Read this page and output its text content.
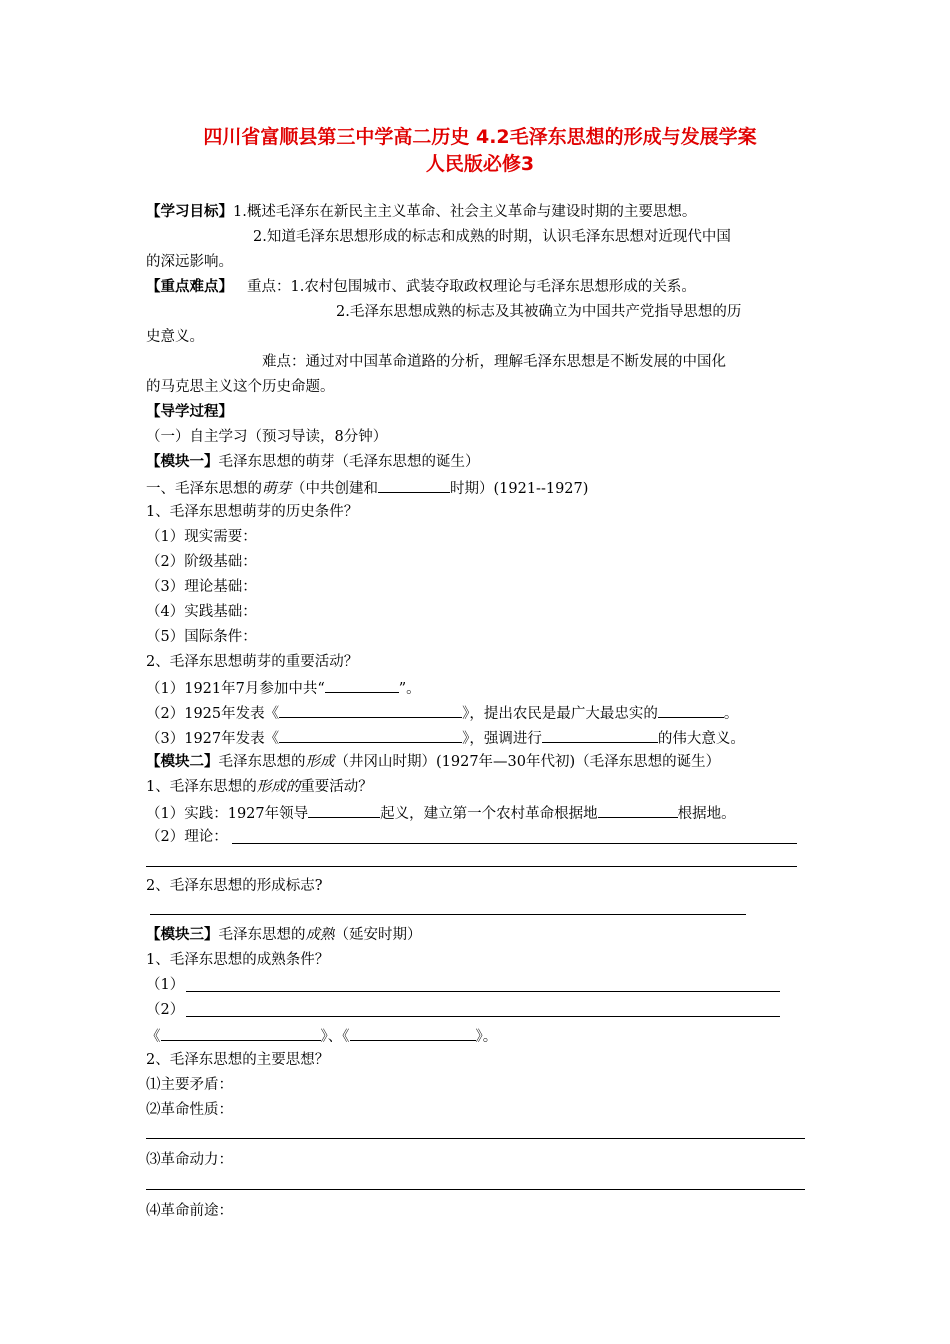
四川省富顺县第三中学高二历史 4.2毛泽东思想的形成与发展学案
人民版必修3
【学习目标】1.概述毛泽东在新民主主义革命、社会主义革命与建设时期的主要思想。
2.知道毛泽东思想形成的标志和成熟的时期，认识毛泽东思想对近现代中国
的深远影响。
【重点难点】 重点：1.农村包围城市、武装夺取政权理论与毛泽东思想形成的关系。
2.毛泽东思想成熟的标志及其被确立为中国共产党指导思想的历
史意义。
难点：通过对中国革命道路的分析，理解毛泽东思想是不断发展的中国化
的马克思主义这个历史命题。
【导学过程】
（一）自主学习（预习导读，8分钟）
【模块一】毛泽东思想的萌芽（毛泽东思想的诞生）
一、毛泽东思想的萌芽（中共创建和	时期）(1921--1927)
1、毛泽东思想萌芽的历史条件？
（1）现实需要：
（2）阶级基础：
（3）理论基础：
（4）实践基础：
（5）国际条件：
2、毛泽东思想萌芽的重要活动？
（1）1921年7月参加中共“	”。
（2）1925年发表《	》，提出农民是最广大最忠实的	。
（3）1927年发表《	》，强调进行	的伟大意义。
【模块二】毛泽东思想的形成（井冈山时期）(1927年—30年代初)（毛泽东思想的诞生）
1、毛泽东思想的形成的重要活动？
（1）实践：1927年领导	起义，建立第一个农村革命根据地	根据地。
（2）理论：
2、毛泽东思想的形成标志?
【模块三】毛泽东思想的成熟（延安时期）
1、毛泽东思想的成熟条件？
（1）
（2）
《	》、《	》。
2、毛泽东思想的主要思想？
⑴主要矛盾：
⑵革命性质：
⑶革命动力：
⑷革命前途：
